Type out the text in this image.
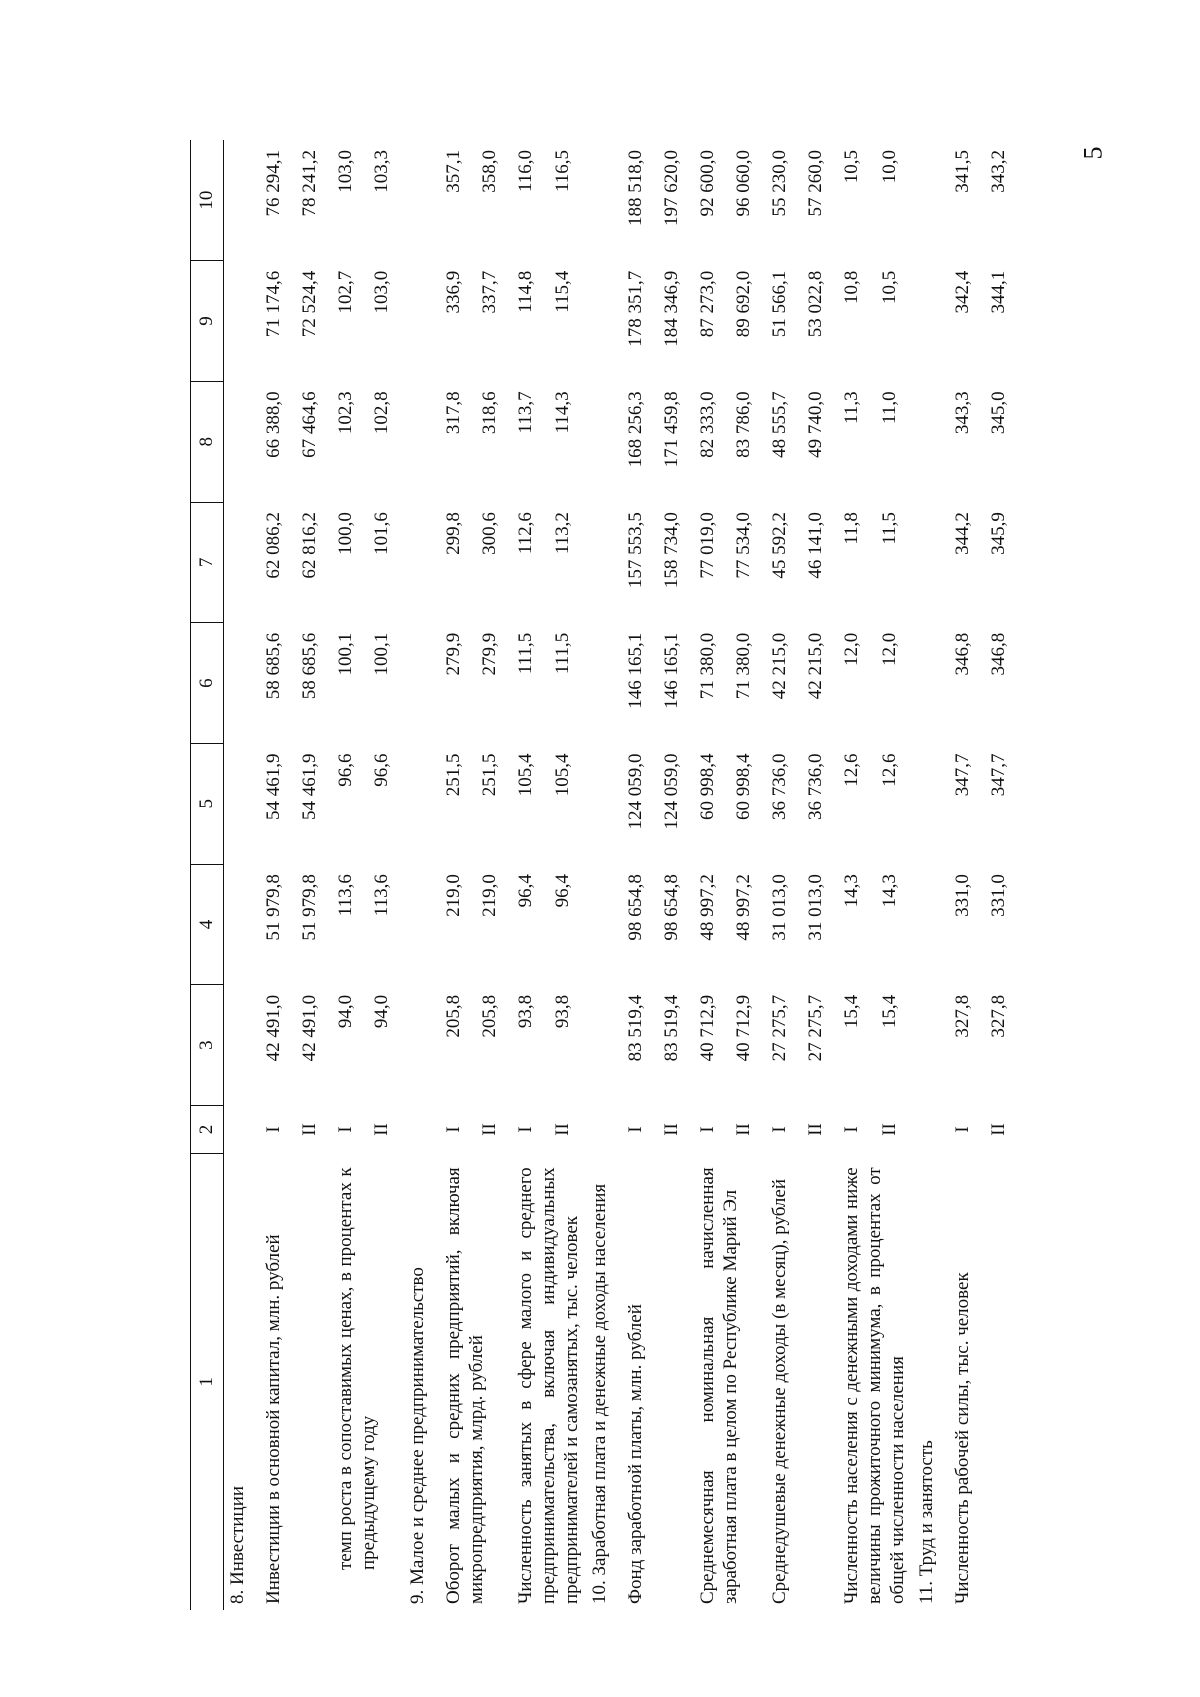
5
1	2	3	4	5	6	7	8	9	10
8. Инвестиции									
Инвестиции в основной капитал, млн. рублей	I	42 491,0	51 979,8	54 461,9	58 685,6	62 086,2	66 388,0	71 174,6	76 294,1
	II	42 491,0	51 979,8	54 461,9	58 685,6	62 816,2	67 464,6	72 524,4	78 241,2
темп роста в сопоставимых ценах, в процентах к предыдущему году	I	94,0	113,6	96,6	100,1	100,0	102,3	102,7	103,0
	II	94,0	113,6	96,6	100,1	101,6	102,8	103,0	103,3
9. Малое и среднее предпринимательство									
Оборот малых и средних предприятий, включая микропредприятия, млрд. рублей	I	205,8	219,0	251,5	279,9	299,8	317,8	336,9	357,1
	II	205,8	219,0	251,5	279,9	300,6	318,6	337,7	358,0
Численность занятых в сфере малого и среднего предпринимательства, включая индивидуальных предпринимателей и самозанятых, тыс. человек	I	93,8	96,4	105,4	111,5	112,6	113,7	114,8	116,0
	II	93,8	96,4	105,4	111,5	113,2	114,3	115,4	116,5
10. Заработная плата и денежные доходы населения									
Фонд заработной платы, млн. рублей	I	83 519,4	98 654,8	124 059,0	146 165,1	157 553,5	168 256,3	178 351,7	188 518,0
	II	83 519,4	98 654,8	124 059,0	146 165,1	158 734,0	171 459,8	184 346,9	197 620,0
Среднемесячная номинальная начисленная заработная плата в целом по Республике Марий Эл	I	40 712,9	48 997,2	60 998,4	71 380,0	77 019,0	82 333,0	87 273,0	92 600,0
	II	40 712,9	48 997,2	60 998,4	71 380,0	77 534,0	83 786,0	89 692,0	96 060,0
Среднедушевые денежные доходы (в месяц), рублей	I	27 275,7	31 013,0	36 736,0	42 215,0	45 592,2	48 555,7	51 566,1	55 230,0
	II	27 275,7	31 013,0	36 736,0	42 215,0	46 141,0	49 740,0	53 022,8	57 260,0
Численность населения с денежными доходами ниже величины прожиточного минимума, в процентах от общей численности населения	I	15,4	14,3	12,6	12,0	11,8	11,3	10,8	10,5
	II	15,4	14,3	12,6	12,0	11,5	11,0	10,5	10,0
11. Труд и занятость									
Численность рабочей силы, тыс. человек	I	327,8	331,0	347,7	346,8	344,2	343,3	342,4	341,5
	II	327,8	331,0	347,7	346,8	345,9	345,0	344,1	343,2
